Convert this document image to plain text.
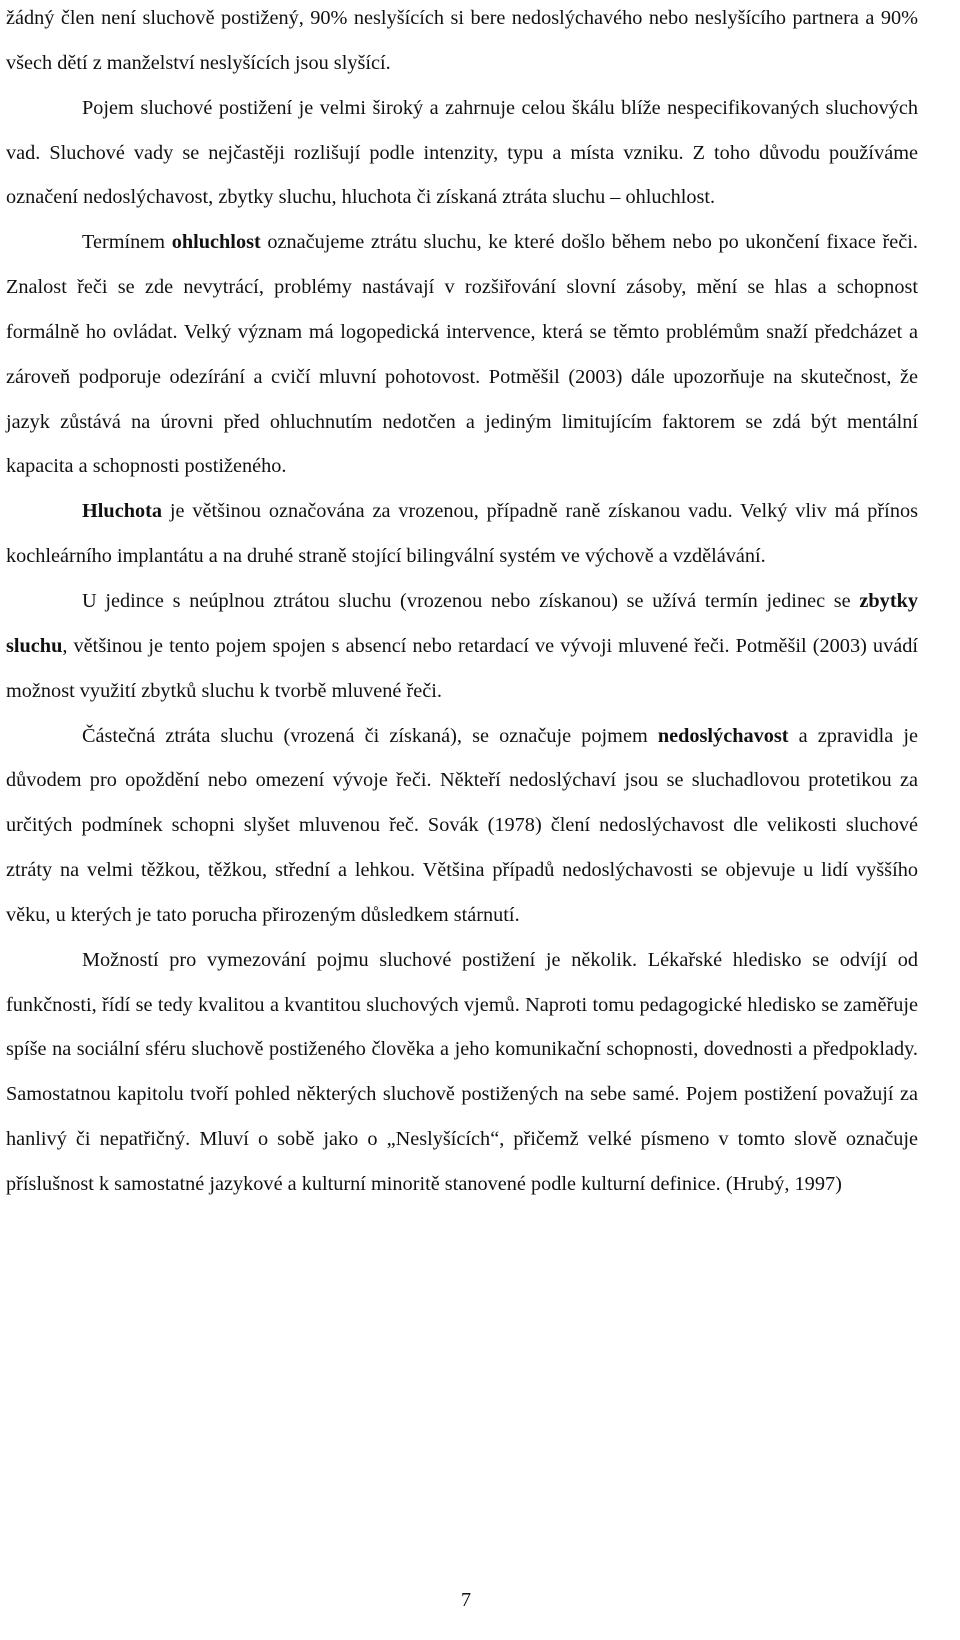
žádný člen není sluchově postižený, 90% neslyšících si bere nedoslýchavého nebo neslyšícího partnera a 90% všech dětí z manželství neslyšících jsou slyšící.

Pojem sluchové postižení je velmi široký a zahrnuje celou škálu blíže nespecifikovaných sluchových vad. Sluchové vady se nejčastěji rozlišují podle intenzity, typu a místa vzniku. Z toho důvodu používáme označení nedoslýchavost, zbytky sluchu, hluchota či získaná ztráta sluchu – ohluchlost.

Termínem ohluchlost označujeme ztrátu sluchu, ke které došlo během nebo po ukončení fixace řeči. Znalost řeči se zde nevytrácí, problémy nastávají v rozšiřování slovní zásoby, mění se hlas a schopnost formálně ho ovládat. Velký význam má logopedická intervence, která se těmto problémům snaží předcházet a zároveň podporuje odezírání a cvičí mluvní pohotovost. Potměšil (2003) dále upozorňuje na skutečnost, že jazyk zůstává na úrovni před ohluchnutím nedotčen a jediným limitujícím faktorem se zdá být mentální kapacita a schopnosti postiženého.

Hluchota je většinou označována za vrozenou, případně raně získanou vadu. Velký vliv má přínos kochleárního implantátu a na druhé straně stojící bilingvální systém ve výchově a vzdělávání.

U jedince s neúplnou ztrátou sluchu (vrozenou nebo získanou) se užívá termín jedinec se zbytky sluchu, většinou je tento pojem spojen s absencí nebo retardací ve vývoji mluvené řeči. Potměšil (2003) uvádí možnost využití zbytků sluchu k tvorbě mluvené řeči.

Částečná ztráta sluchu (vrozená či získaná), se označuje pojmem nedoslýchavost a zpravidla je důvodem pro opoždění nebo omezení vývoje řeči. Někteří nedoslýchaví jsou se sluchadlovou protetikou za určitých podmínek schopni slyšet mluvenou řeč. Sovák (1978) člení nedoslýchavost dle velikosti sluchové ztráty na velmi těžkou, těžkou, střední a lehkou. Většina případů nedoslýchavosti se objevuje u lidí vyššího věku, u kterých je tato porucha přirozeným důsledkem stárnutí.

Možností pro vymezování pojmu sluchové postižení je několik. Lékařské hledisko se odvíjí od funkčnosti, řídí se tedy kvalitou a kvantitou sluchových vjemů. Naproti tomu pedagogické hledisko se zaměřuje spíše na sociální sféru sluchově postiženého člověka a jeho komunikační schopnosti, dovednosti a předpoklady. Samostatnou kapitolu tvoří pohled některých sluchově postižených na sebe samé. Pojem postižení považují za hanlivý či nepatřičný. Mluví o sobě jako o „Neslyšících“, přičemž velké písmeno v tomto slově označuje příslušnost k samostatné jazykové a kulturní minoritě stanovené podle kulturní definice. (Hrubý, 1997)

7
